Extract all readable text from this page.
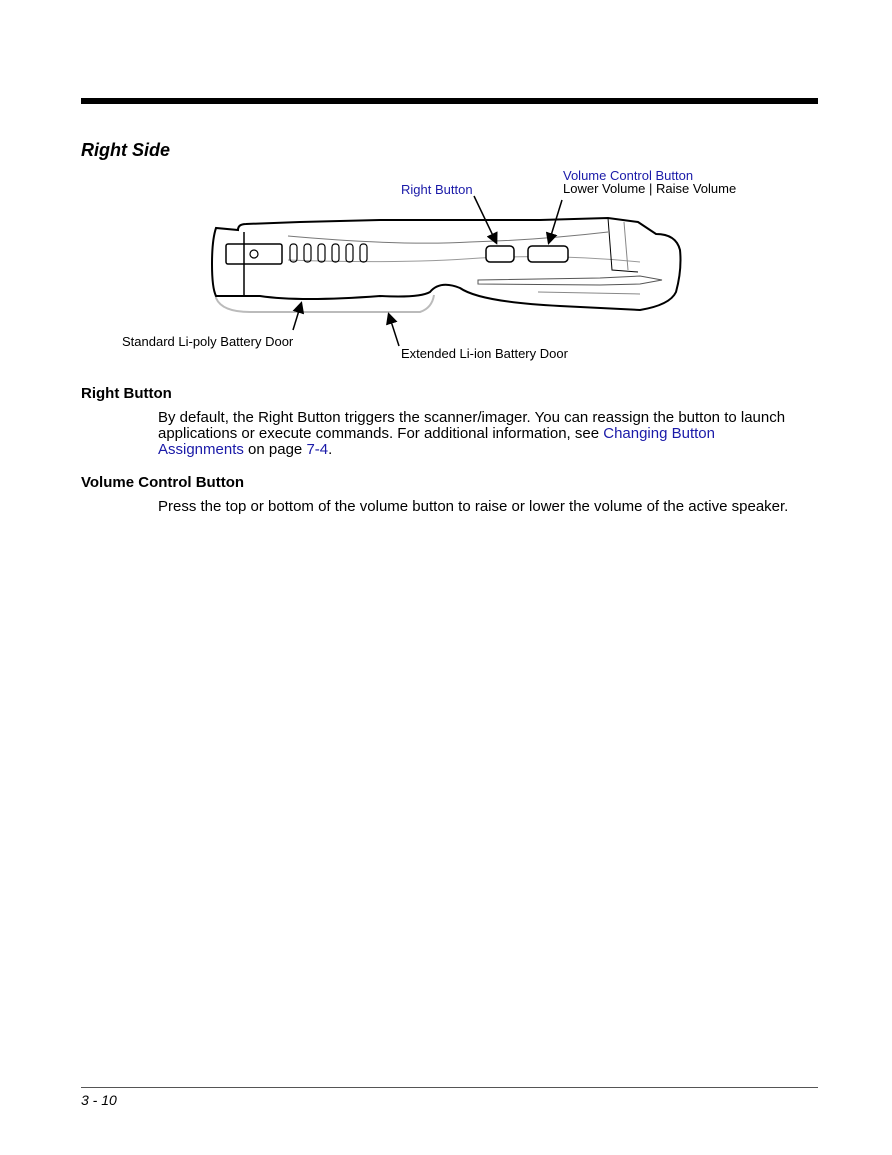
Right Side
Right Button
Volume Control Button
Lower Volume | Raise Volume
Standard Li-poly Battery Door
Extended Li-ion Battery Door
Right Button

By default, the Right Button triggers the scanner/imager. You can reassign the button to launch
applications or execute commands. For additional information, see Changing Button
Assignments on page 7-4.

Volume Control Button

Press the top or bottom of the volume button to raise or lower the volume of the active speaker.

3 - 10
